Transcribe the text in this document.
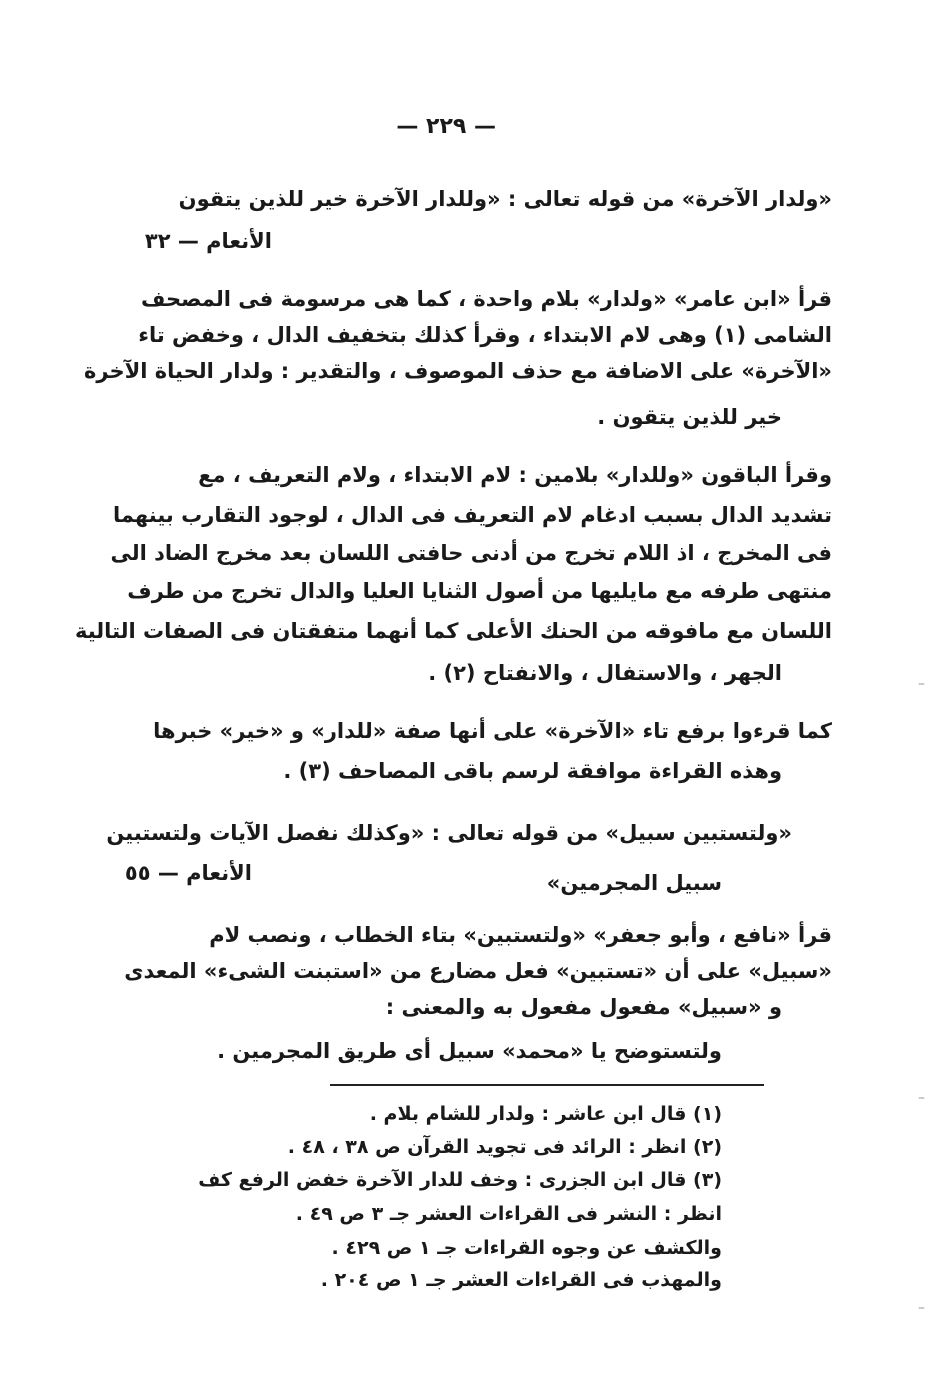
— ٢٢٩ —
«ولدار الآخرة» من قوله تعالى : «وللدار الآخرة خير للذين يتقون
الأنعام — ٣٢
قرأ «ابن عامر» «ولدار» بلام واحدة ، كما هى مرسومة فى المصحف
الشامى (١) وهى لام الابتداء ، وقرأ كذلك بتخفيف الدال ، وخفض تاء
«الآخرة» على الاضافة مع حذف الموصوف ، والتقدير : ولدار الحياة الآخرة
خير للذين يتقون .
وقرأ الباقون «وللدار» بلامين : لام الابتداء ، ولام التعريف ، مع
تشديد الدال بسبب ادغام لام التعريف فى الدال ، لوجود التقارب بينهما
فى المخرج ، اذ اللام تخرج من أدنى حافتى اللسان بعد مخرج الضاد الى
منتهى طرفه مع مايليها من أصول الثنايا العليا والدال تخرج من طرف
اللسان مع مافوقه من الحنك الأعلى كما أنهما متفقتان فى الصفات التالية
الجهر ، والاستفال ، والانفتاح (٢) .
كما قرءوا برفع تاء «الآخرة» على أنها صفة «للدار» و «خير» خبرها
وهذه القراءة موافقة لرسم باقى المصاحف (٣) .
«ولتستبين سبيل» من قوله تعالى : «وكذلك نفصل الآيات ولتستبين
الأنعام — ٥٥	سبيل المجرمين»
قرأ «نافع ، وأبو جعفر» «ولتستبين» بتاء الخطاب ، ونصب لام
«سبيل» على أن «تستبين» فعل مضارع من «استبنت الشىء» المعدى
و «سبيل» مفعول مفعول به والمعنى :
ولتستوضح يا «محمد» سبيل أى طريق المجرمين .
(١) قال ابن عاشر : ولدار للشام بلام .
(٢) انظر : الرائد فى تجويد القرآن ص ٣٨ ، ٤٨ .
(٣) قال ابن الجزرى : وخف للدار الآخرة خفض الرفع كف
انظر : النشر فى القراءات العشر جـ ٣ ص ٤٩ .
والكشف عن وجوه القراءات جـ ١ ص ٤٢٩ .
والمهذب فى القراءات العشر جـ ١ ص ٢٠٤ .
–
–
–
